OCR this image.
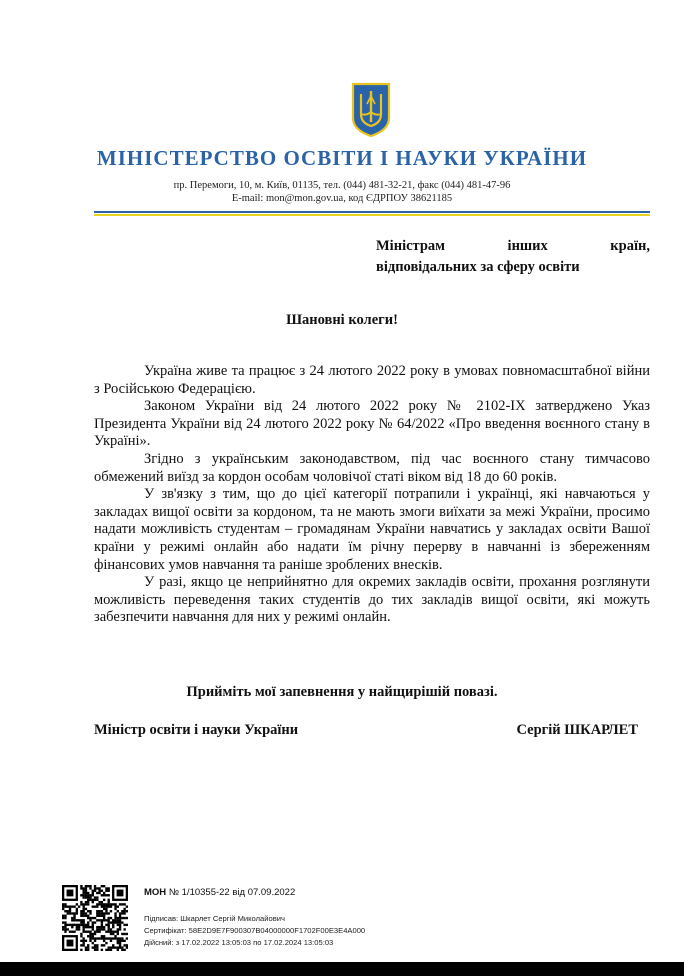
МІНІСТЕРСТВО ОСВІТИ І НАУКИ УКРАЇНИ
пр. Перемоги, 10, м. Київ, 01135, тел. (044) 481-32-21, факс (044) 481-47-96
E-mail: mon@mon.gov.ua, код ЄДРПОУ 38621185
Міністрам	інших	країн,
відповідальних за сферу освіти
Шановні колеги!

Україна живе та працює з 24 лютого 2022 року в умовах повномасштабної війни з Російською Федерацією.

Законом України від 24 лютого 2022 року № 2102-IX затверджено Указ Президента України від 24 лютого 2022 року № 64/2022 «Про введення воєнного стану в Україні».

Згідно з українським законодавством, під час воєнного стану тимчасово обмежений виїзд за кордон особам чоловічої статі віком від 18 до 60 років.

У зв'язку з тим, що до цієї категорії потрапили і українці, які навчаються у закладах вищої освіти за кордоном, та не мають змоги виїхати за межі України, просимо надати можливість студентам – громадянам України навчатись у закладах освіти Вашої країни у режимі онлайн або надати їм річну перерву в навчанні із збереженням фінансових умов навчання та раніше зроблених внесків.

У разі, якщо це неприйнятно для окремих закладів освіти, прохання розглянути можливість переведення таких студентів до тих закладів вищої освіти, які можуть забезпечити навчання для них у режимі онлайн.

Прийміть мої запевнення у найщирішій повазі.
Міністр освіти і науки України	Сергій ШКАРЛЕТ
МОН № 1/10355-22 від 07.09.2022
Підписав: Шкарлет Сергій Миколайович
Сертифікат: 58E2D9E7F900307B04000000F1702F00E3E4A000
Дійсний: з 17.02.2022 13:05:03 по 17.02.2024 13:05:03
